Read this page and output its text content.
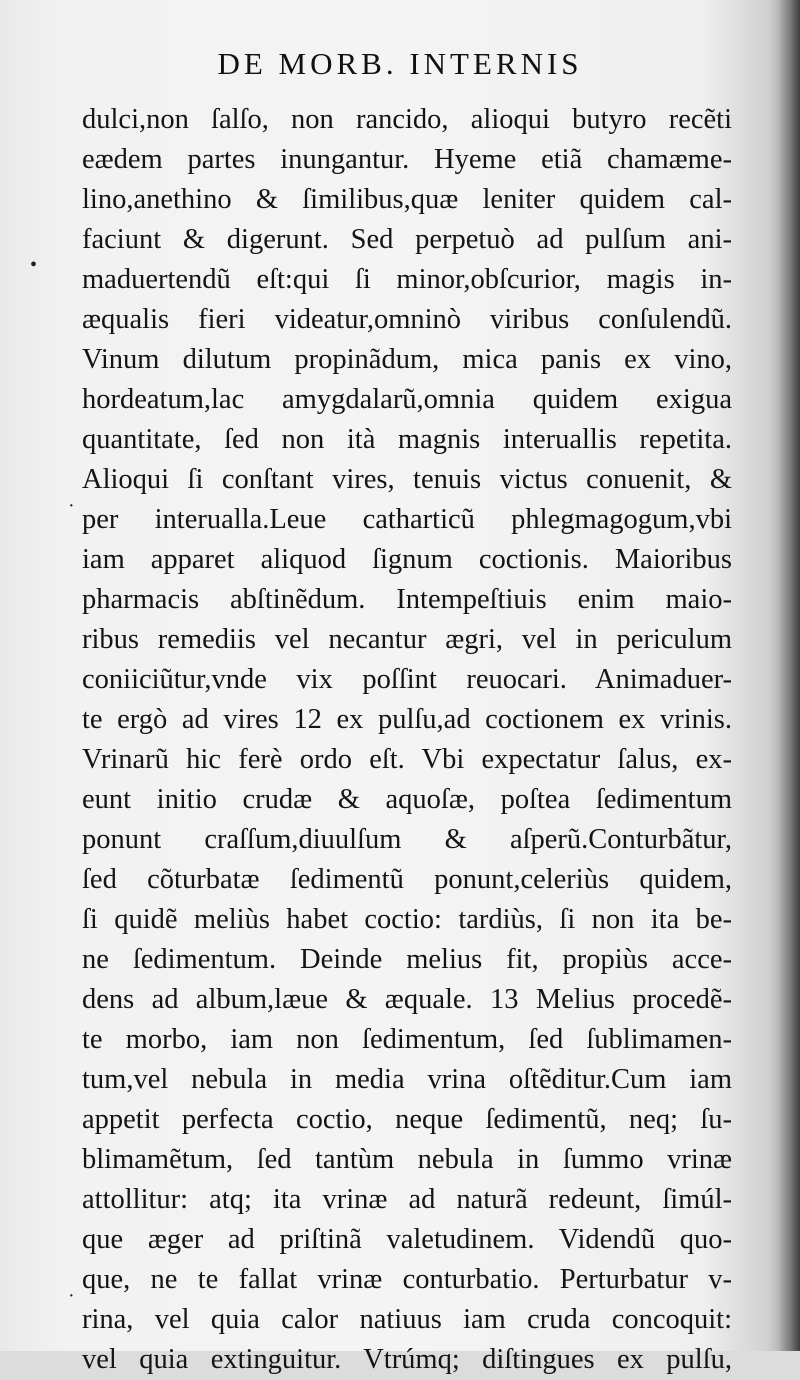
DE MORB. INTERNIS
•
·
·
dulci,non ſalſo, non rancido, alioqui butyro recẽti
eædem partes inungantur. Hyeme etiã chamæme-
lino,anethino & ſimilibus,quæ leniter quidem cal-
faciunt & digerunt. Sed perpetuò ad pulſum ani-
maduertendũ eſt:qui ſi minor,obſcurior, magis in-
æqualis fieri videatur,omninò viribus conſulendũ.
Vinum dilutum propinãdum, mica panis ex vino,
hordeatum,lac amygdalarũ,omnia quidem exigua
quantitate, ſed non ità magnis interuallis repetita.
Alioqui ſi conſtant vires, tenuis victus conuenit, &
per interualla.Leue catharticũ phlegmagogum,vbi
iam apparet aliquod ſignum coctionis. Maioribus
pharmacis abſtinẽdum. Intempeſtiuis enim maio-
ribus remediis vel necantur ægri, vel in periculum
coniiciũtur,vnde vix poſſint reuocari. Animaduer-
te ergò ad vires 12 ex pulſu,ad coctionem ex vrinis.
Vrinarũ hic ferè ordo eſt. Vbi expectatur ſalus, ex-
eunt initio crudæ & aquoſæ, poſtea ſedimentum
ponunt craſſum,diuulſum & aſperũ.Conturbãtur,
ſed cõturbatæ ſedimentũ ponunt,celeriùs quidem,
ſi quidẽ meliùs habet coctio: tardiùs, ſi non ita be-
ne ſedimentum. Deinde melius fit, propiùs acce-
dens ad album,læue & æquale. 13 Melius procedẽ-
te morbo, iam non ſedimentum, ſed ſublimamen-
tum,vel nebula in media vrina oſtẽditur.Cum iam
appetit perfecta coctio, neque ſedimentũ, neq; ſu-
blimamẽtum, ſed tantùm nebula in ſummo vrinæ
attollitur: atq; ita vrinæ ad naturã redeunt, ſimúl-
que æger ad priſtinã valetudinem. Videndũ quo-
que, ne te fallat vrinæ conturbatio. Perturbatur v-
rina, vel quia calor natiuus iam cruda concoquit:
vel quia extinguitur. Vtrúmq; diſtingues ex pulſu,
